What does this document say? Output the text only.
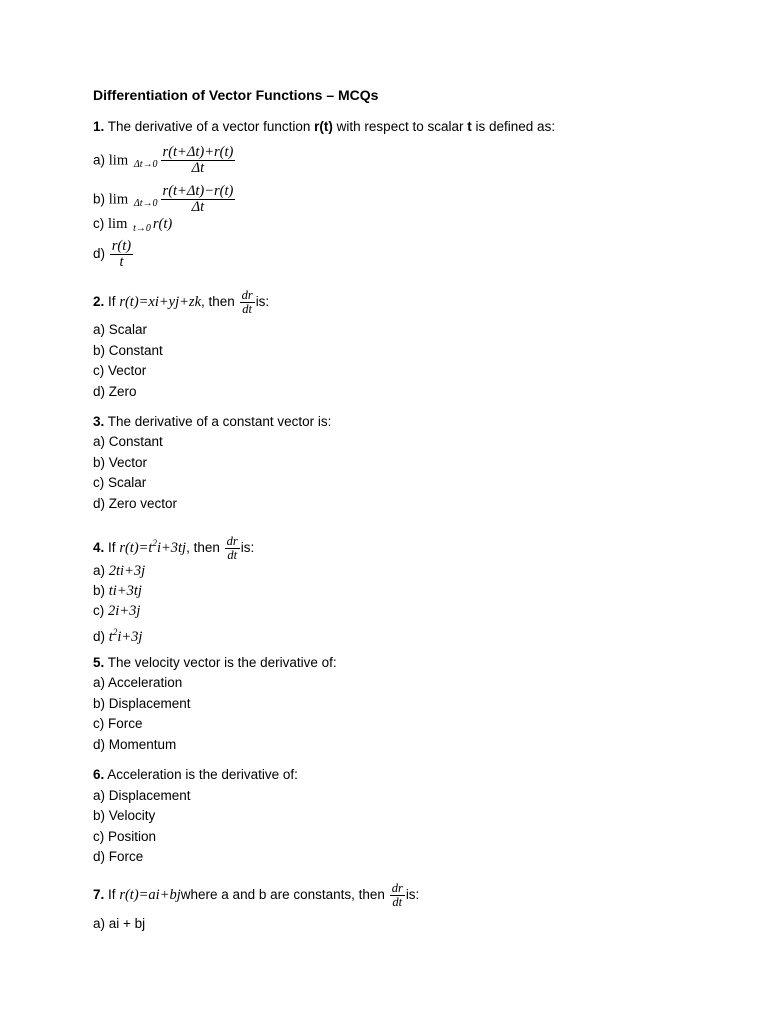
Differentiation of Vector Functions – MCQs
1. The derivative of a vector function r(t) with respect to scalar t is defined as:
a) $\lim _{\Delta t\to 0} \frac{r(t+\Delta t)+r(t)}{\Delta t}$
b) $\lim _{\Delta t\to 0} \frac{r(t+\Delta t)-r(t)}{\Delta t}$
c) lim $_{t\to 0}$ r(t)
$d) \frac{r(t)}{t}$
2. If r(t)=xi+yj+zk, then $\frac{dr}{dt}$ is:
a) Scalar
b) Constant
c) Vector
d) Zero
3. The derivative of a constant vector is:
a) Constant
b) Vector
c) Scalar
d) Zero vector
4. If $r(t)=t^2i+3tj$, then $\frac{dr}{dt}$ is:
a) 2ti+3j
b) ti+3tj
c) 2i+3j
d) $t^2i+3j$
5. The velocity vector is the derivative of:
a) Acceleration
b) Displacement
c) Force
d) Momentum
6. Acceleration is the derivative of:
a) Displacement
b) Velocity
c) Position
d) Force
7. If r(t)=ai+bjwhere a and b are constants, then $\frac{dr}{dt}$ is:
a) ai + bj
